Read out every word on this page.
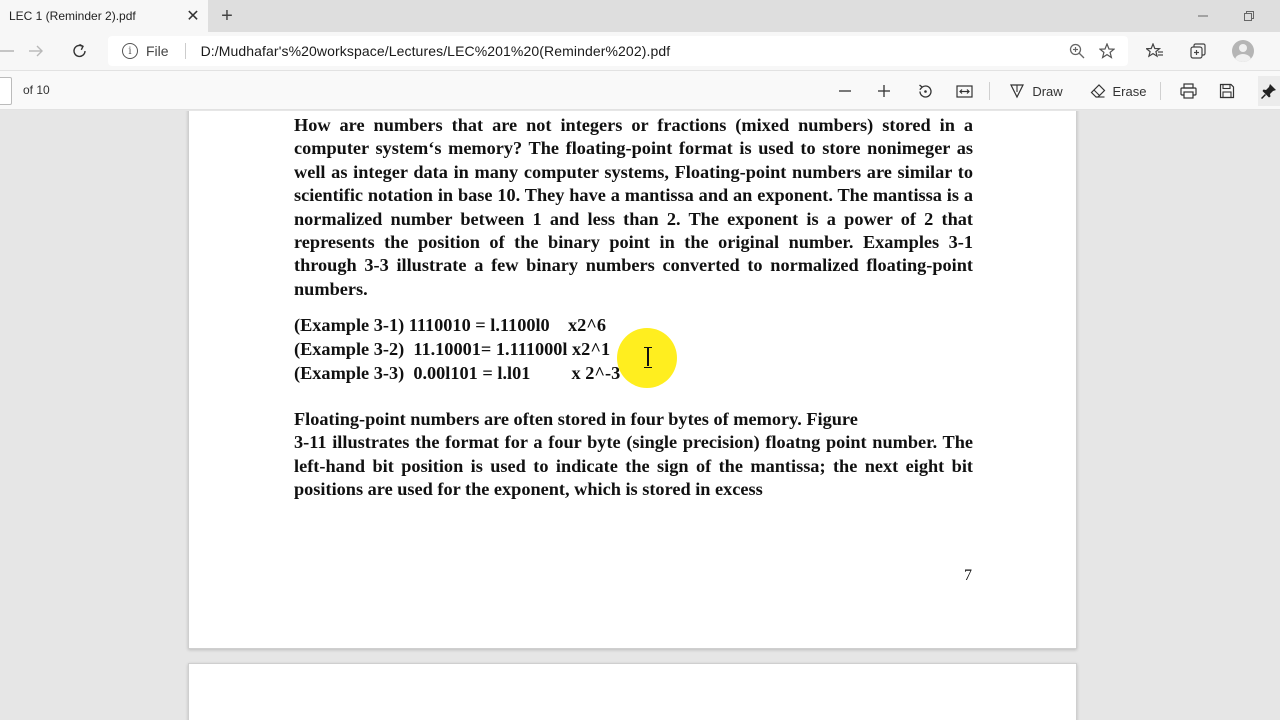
LEC 1 (Reminder 2).pdf	✕	+
i	File D:/Mudhafar's%20workspace/Lectures/LEC%201%20(Reminder%202).pdf
of 10	Draw	Erase

How are numbers that are not integers or fractions (mixed numbers) stored in a computer system‘s memory? The floating-point format is used to store nonimeger as well as integer data in many computer systems, Floating-point numbers are similar to scientific notation in base 10. They have a mantissa and an exponent. The mantissa is a normalized number between 1 and less than 2. The exponent is a power of 2 that represents the position of the binary point in the original number. Examples 3-1 through 3-3 illustrate a few binary numbers converted to normalized floating-point numbers.

(Example 3-1) 1110010 = l.1100l0    x2^6
(Example 3-2)  11.10001= 1.111000l x2^1
(Example 3-3)  0.00l101 = l.l01         x 2^-3
Floating-point numbers are often stored in four bytes of memory. Figure
3-11 illustrates the format for a four byte (single precision) floatng point number. The left-hand bit position is used to indicate the sign of the mantissa; the next eight bit positions are used for the exponent, which is stored in excess
7
